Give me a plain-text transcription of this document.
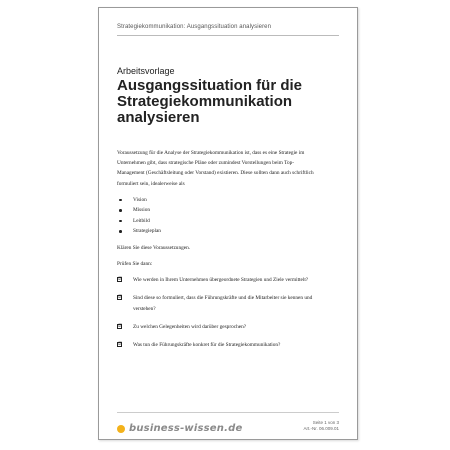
Strategiekommunikation: Ausgangssituation analysieren
Arbeitsvorlage
Ausgangssituation für die Strategiekommunikation analysieren

Voraussetzung für die Analyse der Strategiekommunikation ist, dass es eine Strategie im Unternehmen gibt, dass strategische Pläne oder zumindest Vorstellungen beim Top-Management (Geschäftsleitung oder Vorstand) existieren. Diese sollten dann auch schriftlich formuliert sein, idealerweise als

Vision
Mission
Leitbild
Strategieplan

Klären Sie diese Voraussetzungen.

Prüfen Sie dann:

☑ Wie werden in Ihrem Unternehmen übergeordnete Strategien und Ziele vermittelt?

☑ Sind diese so formuliert, dass die Führungskräfte und die Mitarbeiter sie kennen und verstehen?

☑ Zu welchen Gelegenheiten wird darüber gesprochen?

☑ Was tun die Führungskräfte konkret für die Strategiekommunikation?

business-wissen.de
Seite 1 von 3
Art.-Nr. 06.009.01
